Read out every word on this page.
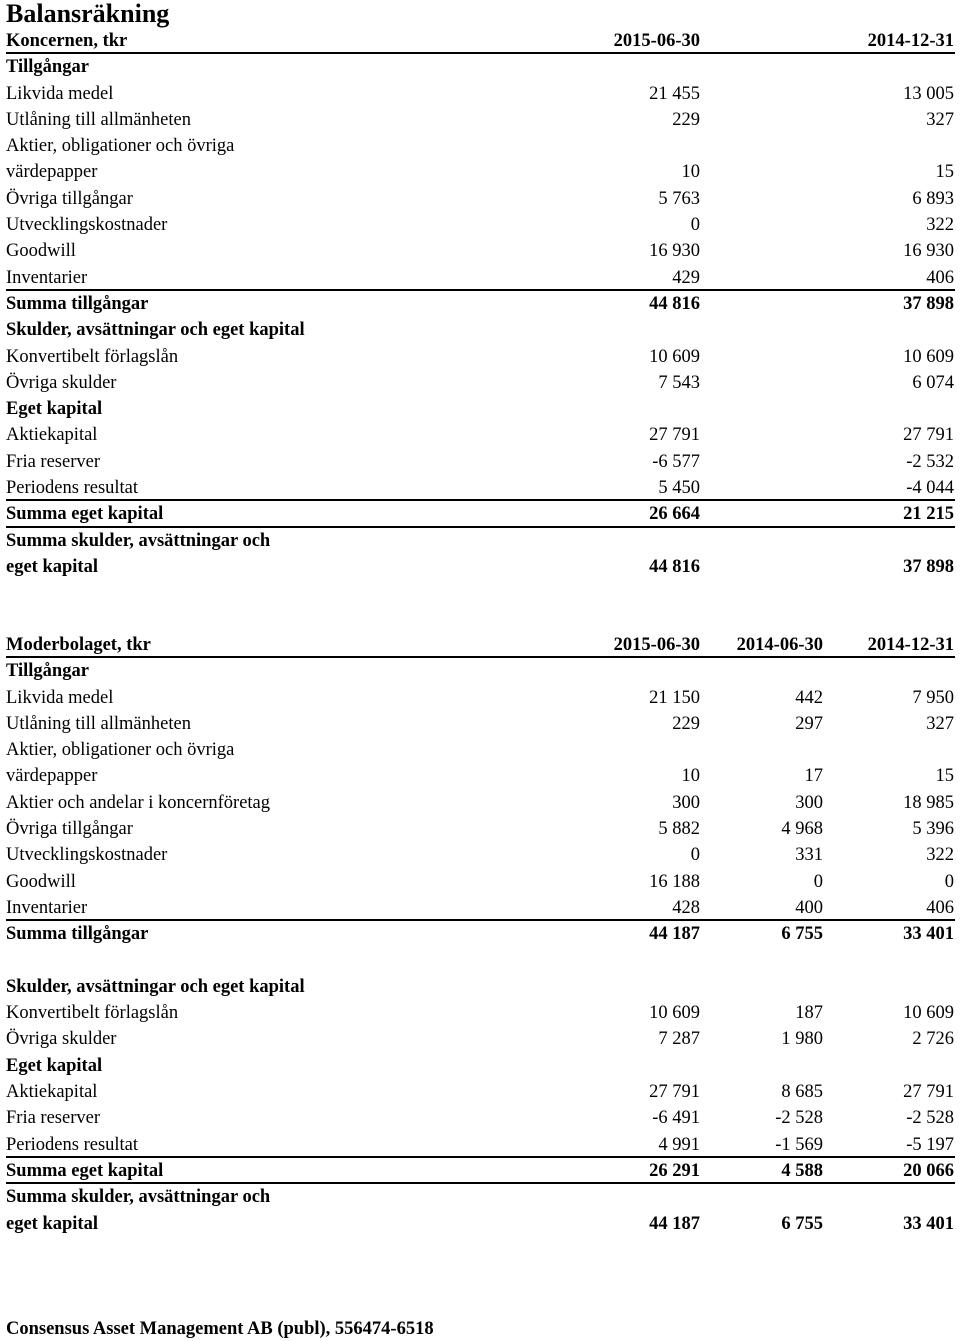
Balansräkning
Koncernen, tkr	2015-06-30	2014-12-31
Tillgångar
Likvida medel	21 455	13 005
Utlåning till allmänheten	229	327
Aktier, obligationer och övriga
värdepapper	10	15
Övriga tillgångar	5 763	6 893
Utvecklingskostnader	0	322
Goodwill	16 930	16 930
Inventarier	429	406
Summa tillgångar	44 816	37 898
Skulder, avsättningar och eget kapital
Konvertibelt förlagslån	10 609	10 609
Övriga skulder	7 543	6 074
Eget kapital
Aktiekapital	27 791	27 791
Fria reserver	-6 577	-2 532
Periodens resultat	5 450	-4 044
Summa eget kapital	26 664	21 215
Summa skulder, avsättningar och
eget kapital	44 816	37 898
Moderbolaget, tkr	2015-06-30	2014-06-30	2014-12-31
Tillgångar
Likvida medel	21 150	442	7 950
Utlåning till allmänheten	229	297	327
Aktier, obligationer och övriga
värdepapper	10	17	15
Aktier och andelar i koncernföretag	300	300	18 985
Övriga tillgångar	5 882	4 968	5 396
Utvecklingskostnader	0	331	322
Goodwill	16 188	0	0
Inventarier	428	400	406
Summa tillgångar	44 187	6 755	33 401
Skulder, avsättningar och eget kapital
Konvertibelt förlagslån	10 609	187	10 609
Övriga skulder	7 287	1 980	2 726
Eget kapital
Aktiekapital	27 791	8 685	27 791
Fria reserver	-6 491	-2 528	-2 528
Periodens resultat	4 991	-1 569	-5 197
Summa eget kapital	26 291	4 588	20 066
Summa skulder, avsättningar och
eget kapital	44 187	6 755	33 401
Consensus Asset Management AB (publ), 556474-6518
